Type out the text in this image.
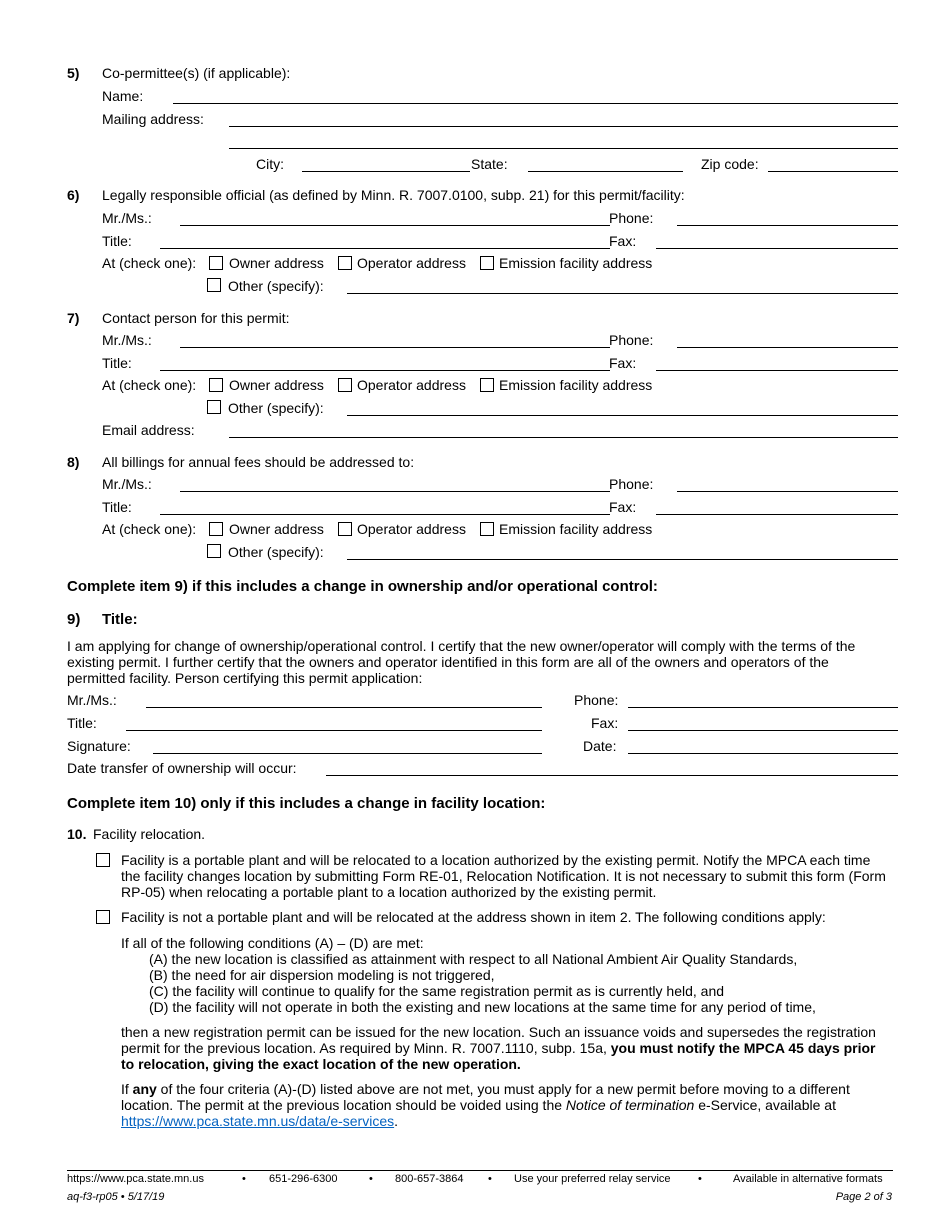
5) Co-permittee(s) (if applicable):
Name:
Mailing address:
City:	State:	Zip code:
6) Legally responsible official (as defined by Minn. R. 7007.0100, subp. 21) for this permit/facility:
Mr./Ms.:	Phone:
Title:	Fax:
At (check one): Owner address Operator address Emission facility address
Other (specify):
7) Contact person for this permit:
Mr./Ms.:	Phone:
Title:	Fax:
At (check one): Owner address Operator address Emission facility address
Other (specify):
Email address:
8) All billings for annual fees should be addressed to:
Mr./Ms.:	Phone:
Title:	Fax:
At (check one): Owner address Operator address Emission facility address
Other (specify):
Complete item 9) if this includes a change in ownership and/or operational control:
9) Title:
I am applying for change of ownership/operational control. I certify that the new owner/operator will comply with the terms of the existing permit. I further certify that the owners and operator identified in this form are all of the owners and operators of the permitted facility. Person certifying this permit application:
Mr./Ms.:	Phone:
Title:	Fax:
Signature:	Date:
Date transfer of ownership will occur:
Complete item 10) only if this includes a change in facility location:
10. Facility relocation.
Facility is a portable plant and will be relocated to a location authorized by the existing permit. Notify the MPCA each time the facility changes location by submitting Form RE-01, Relocation Notification. It is not necessary to submit this form (Form RP-05) when relocating a portable plant to a location authorized by the existing permit.
Facility is not a portable plant and will be relocated at the address shown in item 2. The following conditions apply:
If all of the following conditions (A) – (D) are met:
(A) the new location is classified as attainment with respect to all National Ambient Air Quality Standards,
(B) the need for air dispersion modeling is not triggered,
(C) the facility will continue to qualify for the same registration permit as is currently held, and
(D) the facility will not operate in both the existing and new locations at the same time for any period of time,
then a new registration permit can be issued for the new location. Such an issuance voids and supersedes the registration permit for the previous location. As required by Minn. R. 7007.1110, subp. 15a, you must notify the MPCA 45 days prior to relocation, giving the exact location of the new operation.
If any of the four criteria (A)-(D) listed above are not met, you must apply for a new permit before moving to a different location. The permit at the previous location should be voided using the Notice of termination e-Service, available at https://www.pca.state.mn.us/data/e-services.
https://www.pca.state.mn.us	• 651-296-6300	• 800-657-3864 • Use your preferred relay service •	Available in alternative formats
aq-f3-rp05 • 5/17/19	Page 2 of 3
